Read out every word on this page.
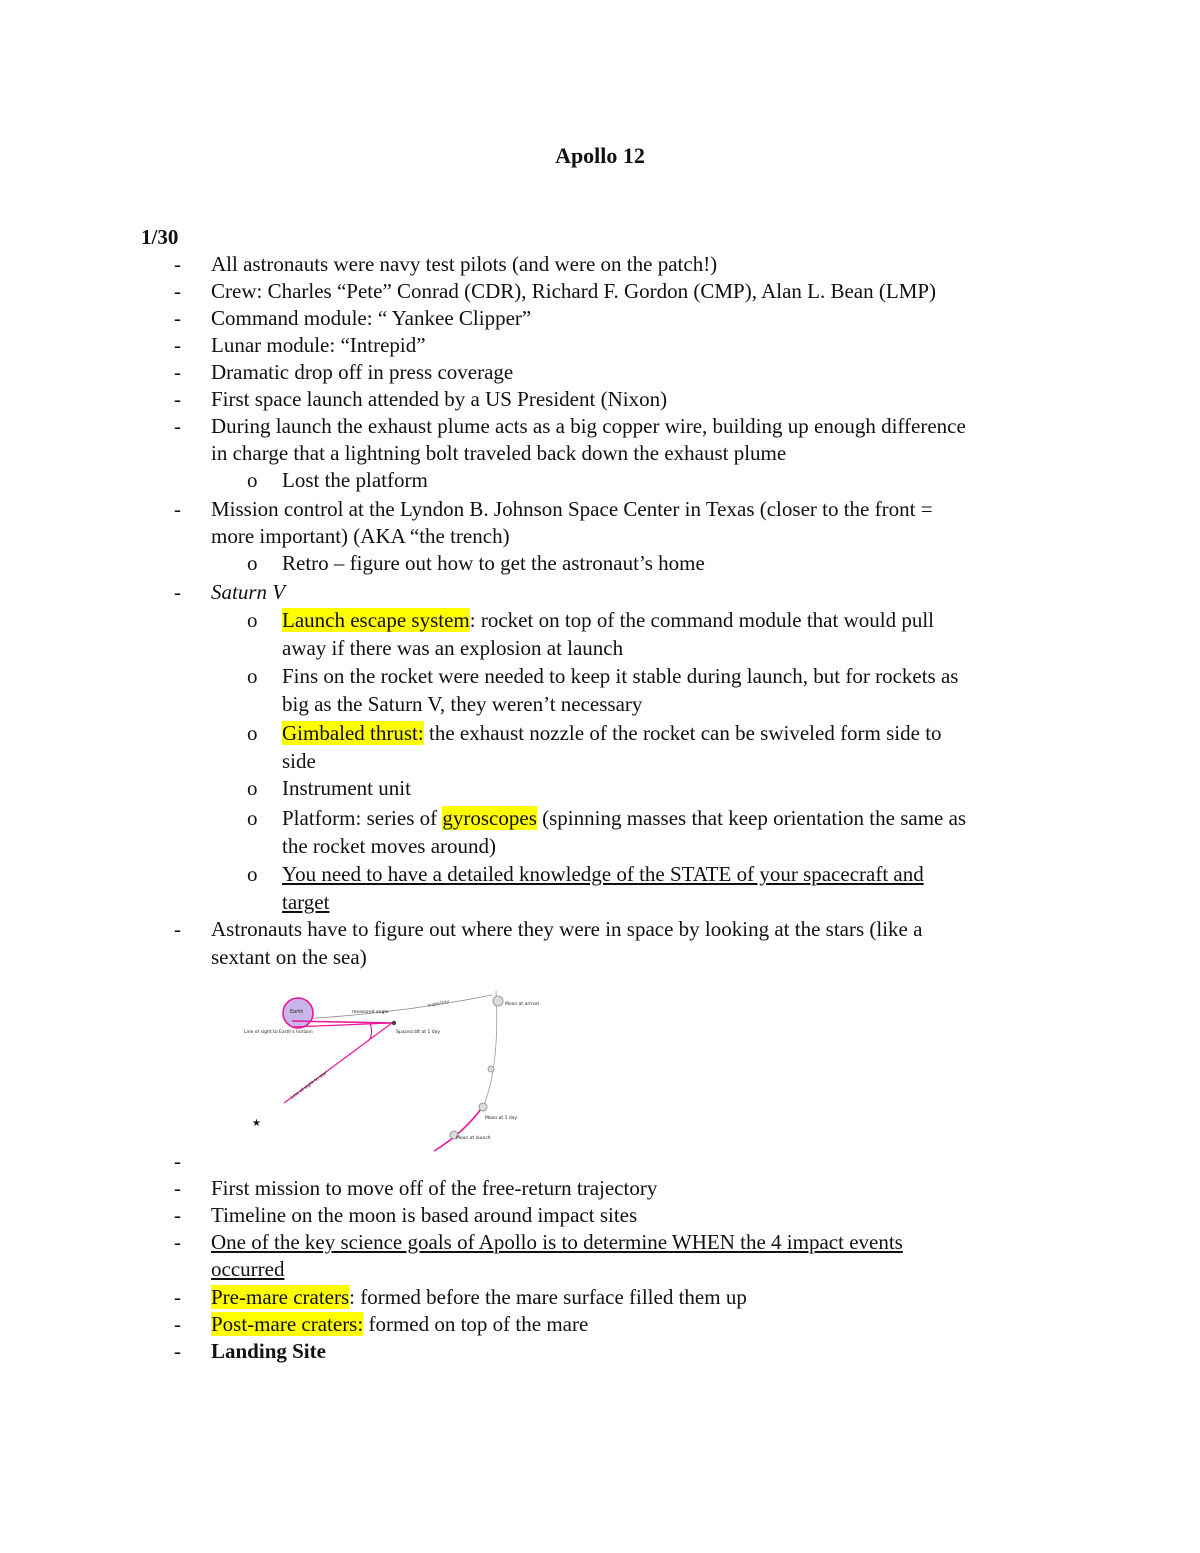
Apollo 12
1/30
- All astronauts were navy test pilots (and were on the patch!)
- Crew: Charles “Pete” Conrad (CDR), Richard F. Gordon (CMP), Alan L. Bean (LMP)
- Command module: “ Yankee Clipper”
- Lunar module: “Intrepid”
- Dramatic drop off in press coverage
- First space launch attended by a US President (Nixon)
- During launch the exhaust plume acts as a big copper wire, building up enough difference
in charge that a lightning bolt traveled back down the exhaust plume
o Lost the platform
- Mission control at the Lyndon B. Johnson Space Center in Texas (closer to the front =
more important) (AKA “the trench)
o Retro – figure out how to get the astronaut’s home
- Saturn V
o Launch escape system: rocket on top of the command module that would pull
away if there was an explosion at launch
o Fins on the rocket were needed to keep it stable during launch, but for rockets as
big as the Saturn V, they weren’t necessary
o Gimbaled thrust: the exhaust nozzle of the rocket can be swiveled form side to
side
o Instrument unit
o Platform: series of gyroscopes (spinning masses that keep orientation the same as
the rocket moves around)
o You need to have a detailed knowledge of the STATE of your spacecraft and
target
- Astronauts have to figure out where they were in space by looking at the stars (like a
sextant on the sea)
Earth	measured angle
trajectory	Moon at arrival
Spacecraft at 1 day
Line of sight to Earth's horizon
Line of sight to star
Moon at 1 day
Moon at launch
★
-
- First mission to move off of the free-return trajectory
- Timeline on the moon is based around impact sites
- One of the key science goals of Apollo is to determine WHEN the 4 impact events
occurred
- Pre-mare craters: formed before the mare surface filled them up
- Post-mare craters: formed on top of the mare
- Landing Site
